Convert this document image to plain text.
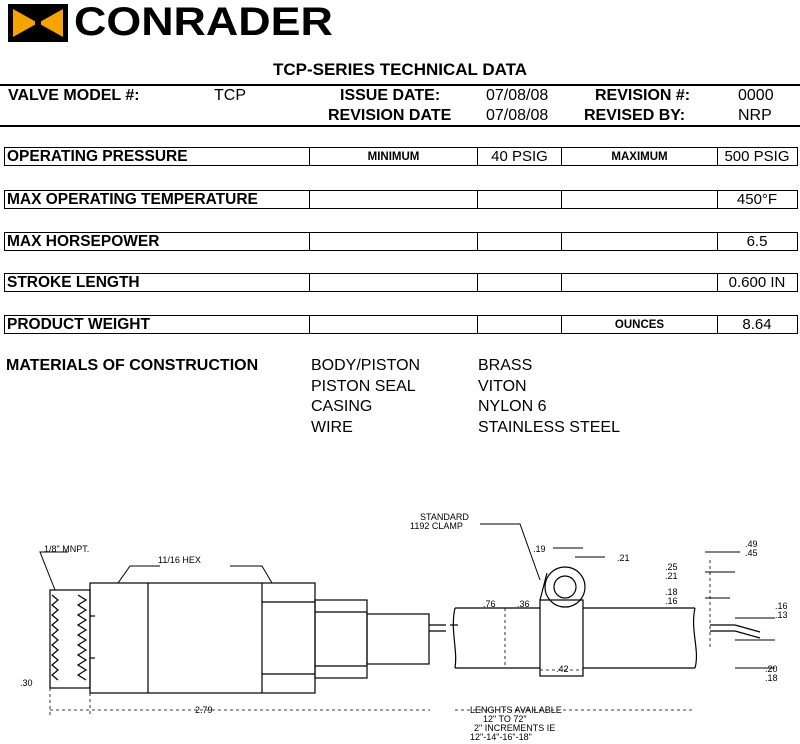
CONRADER
TCP-SERIES TECHNICAL DATA
VALVE MODEL #:	TCP	ISSUE DATE:	07/08/08	REVISION #:	0000
REVISION DATE 07/08/08 REVISED BY:	NRP
OPERATING PRESSURE	MINIMUM	40 PSIG	MAXIMUM	500 PSIG
MAX OPERATING TEMPERATURE	450°F
MAX HORSEPOWER	6.5
STROKE LENGTH	0.600 IN
PRODUCT WEIGHT	OUNCES	8.64
MATERIALS OF CONSTRUCTION	BODY/PISTON	BRASS
PISTON SEAL	VITON
CASING	NYLON 6
WIRE	STAINLESS STEEL
1/8" MNPT.
11/16 HEX
STANDARD
1192 CLAMP
.30
2.79
.19
.21
.76 .36
.42
.49
.45
.25
.21
.18
.16	.16
.13
.20
.18
LENGHTS AVAILABLE
12" TO 72"
2" INCREMENTS IE
12"-14"-16"-18"
